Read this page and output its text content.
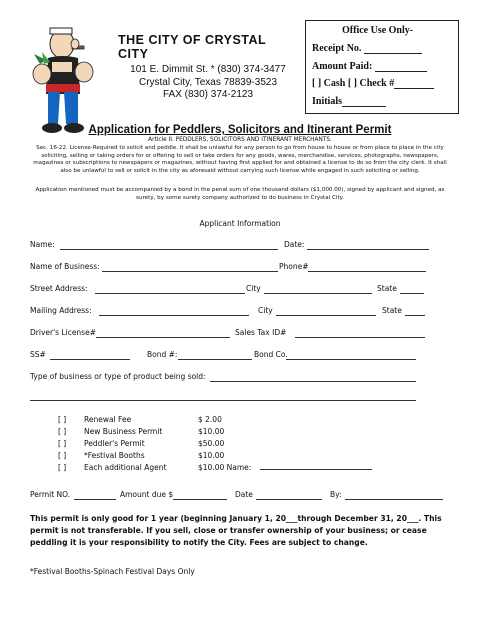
THE CITY OF CRYSTAL CITY
101 E. Dimmit St. * (830) 374-3477
Crystal City, Texas 78839-3523
FAX (830) 374-2123
Office Use Only-
Receipt No.
Amount Paid:
[ ] Cash [ ] Check #
Initials
Application for Peddlers, Solicitors and Itinerant Permit
Article II. PEDDLERS, SOLICITORS AND ITINERANT MERCHANTS.
Sec. 16-22. License-Required to solicit and peddle. It shall be unlawful for any person to go from house to house or from place to place in the city soliciting, selling or taking orders for or offering to sell or take orders for any goods, wares, merchandise, services, photographs, newspapers, magazines or subscriptions to newspapers or magazines, without having first applied for and obtained a license to do so from the city clerk. It shall also be unlawful to sell or solicit in the city as aforesaid without carrying such license while engaged in such soliciting or selling.
Application mentioned must be accompanied by a bond in the penal sum of one thousand dollars ($1,000.00), signed by applicant and signed, as surety, by some surety company authorized to do business in Crystal City.
Applicant Information
Name:	Date:
Name of Business:	Phone#
Street Address:	City	State
Mailing Address:	City	State
Driver's License#	Sales Tax ID#
SS#	Bond #:	Bond Co.
Type of business or type of product being sold:
[ ] Renewal Fee	$ 2.00
[ ] New Business Permit	$10.00
[ ] Peddler's Permit	$50.00
[ ] *Festival Booths	$10.00
[ ] Each additional Agent	$10.00 Name:
Permit NO.	Amount due $	Date	By:
This permit is only good for 1 year (beginning January 1, 20___through December 31, 20___. This permit is not transferable. If you sell, close or transfer ownership of your business; or cease peddling it is your responsibility to notify the City. Fees are subject to change.
*Festival Booths-Spinach Festival Days Only
